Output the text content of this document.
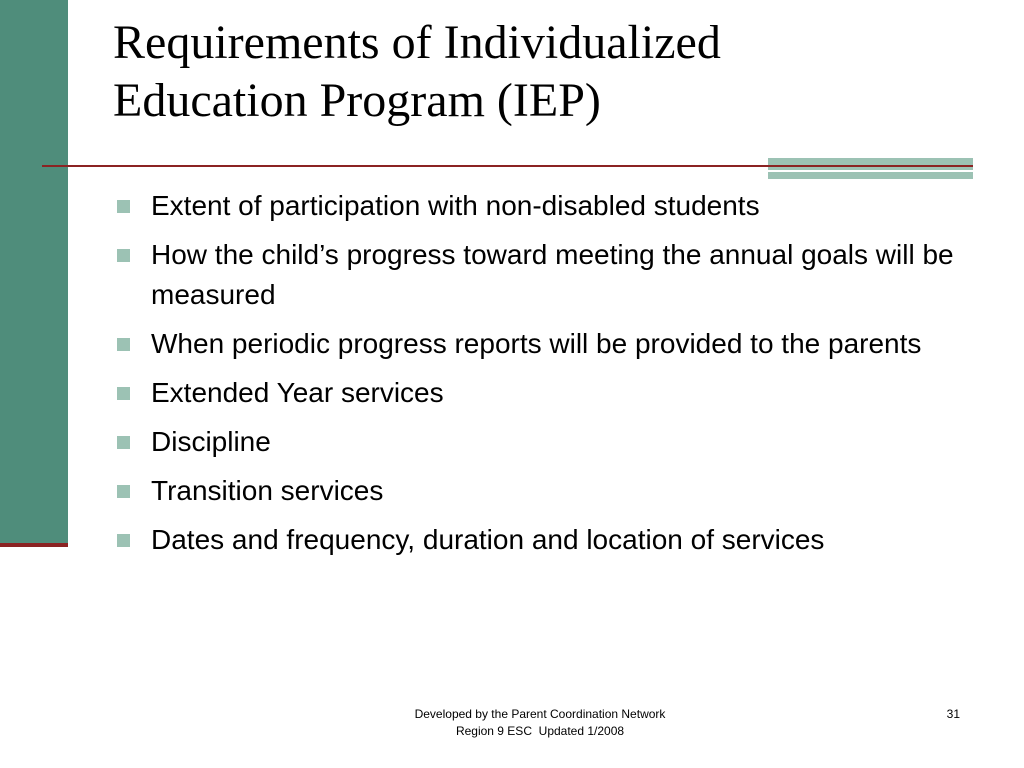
Requirements of Individualized
Education Program (IEP)
Extent of participation with non-disabled students
How the child’s progress toward meeting the annual goals will be measured
When periodic progress reports will be provided to the parents
Extended Year services
Discipline
Transition services
Dates and frequency, duration and location of services
Developed by the Parent Coordination Network
Region 9 ESC  Updated 1/2008
31
